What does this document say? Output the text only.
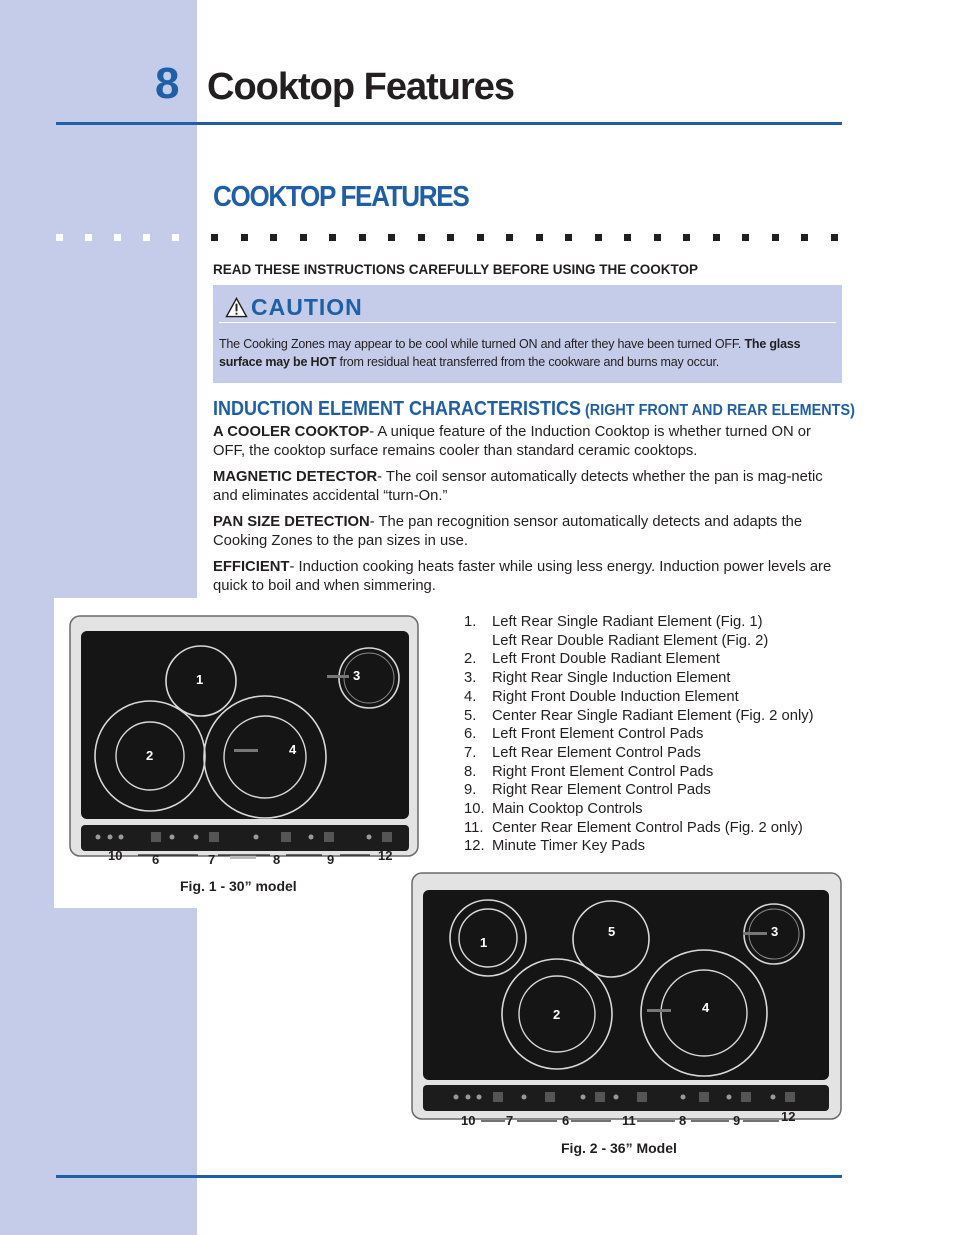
8 Cooktop Features
COOKTOP FEATURES
READ THESE INSTRUCTIONS CAREFULLY BEFORE USING THE COOKTOP
CAUTION
The Cooking Zones may appear to be cool while turned ON and after they have been turned OFF. The glass surface may be HOT from residual heat transferred from the cookware and burns may occur.
INDUCTION ELEMENT CHARACTERISTICS (RIGHT FRONT AND REAR ELEMENTS)
A COOLER COOKTOP- A unique feature of the Induction Cooktop is whether turned ON or OFF, the cooktop surface remains cooler than standard ceramic cooktops.
MAGNETIC DETECTOR- The coil sensor automatically detects whether the pan is mag-netic and eliminates accidental “turn-On.”
PAN SIZE DETECTION- The pan recognition sensor automatically detects and adapts the Cooking Zones to the pan sizes in use.
EFFICIENT- Induction cooking heats faster while using less energy. Induction power levels are quick to boil and when simmering.
1
2
3
4
10 6	7	8	9	12
Fig. 1 - 30” model
1.	Left Rear Single Radiant Element (Fig. 1)
Left Rear Double Radiant Element (Fig. 2)
2.	Left Front Double Radiant Element
3.	Right Rear Single Induction Element
4.	Right Front Double Induction Element
5.	Center Rear Single Radiant Element (Fig. 2 only)
6.	Left Front Element Control Pads
7.	Left Rear Element Control Pads
8.	Right Front Element Control Pads
9.	Right Rear Element Control Pads
10. Main Cooktop Controls
11. Center Rear Element Control Pads (Fig. 2 only)
12. Minute Timer Key Pads
1
2
3
4
5
10 7	6	11	8	9	12
Fig. 2 - 36” Model
